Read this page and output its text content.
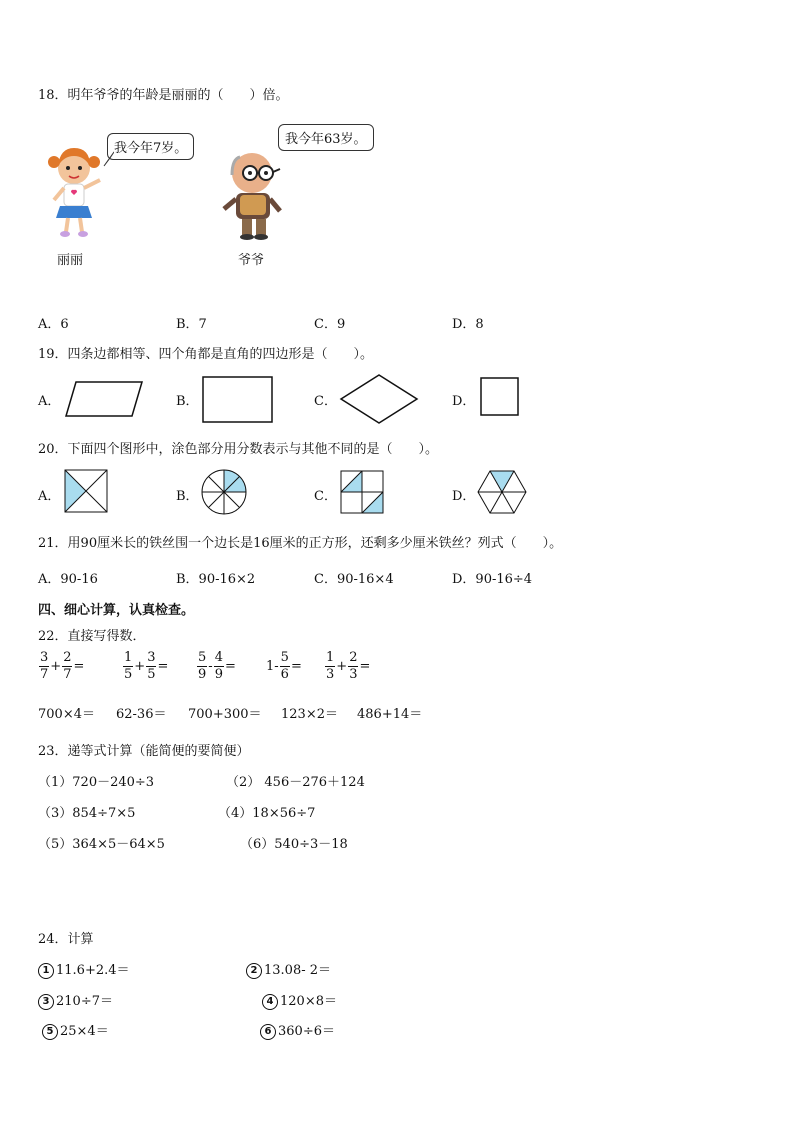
18．明年爷爷的年龄是丽丽的（　　）倍。
我今年7岁。
丽丽
我今年63岁。
爷爷
A．6	B．7	C．9	D．8
19．四条边都相等、四个角都是直角的四边形是（　　）。
A．	B．	C．	D．
20．下面四个图形中，涂色部分用分数表示与其他不同的是（　　）。
A．	B．	C．	D．
21．用90厘米长的铁丝围一个边长是16厘米的正方形，还剩多少厘米铁丝？列式（　　）。
A．90-16	B．90-16×2	C．90-16×4	D．90-16÷4
四、细心计算，认真检查。
22．直接写得数．
$\frac{3}{7} + \frac{2}{7}$ =	$\frac{1}{5} + \frac{3}{5} = \frac{5}{9} - \frac{4}{9} = 1- \frac{5}{6} = \frac{1}{3} + \frac{2}{3}$ =
700×4＝ 62-36＝ 700+300＝ 123×2＝ 486+14＝
23．递等式计算（能简便的要简便）
（1）720－240÷3	（2） 456－276＋124
（3）854÷7×5	（4）18×56÷7
（5）364×5－64×5	（6）540÷3－18
24．计算
1 11.6+2.4＝	2 13.08- 2＝
3 210÷7＝	4 120×8＝
5 25×4＝	6 360÷6＝
